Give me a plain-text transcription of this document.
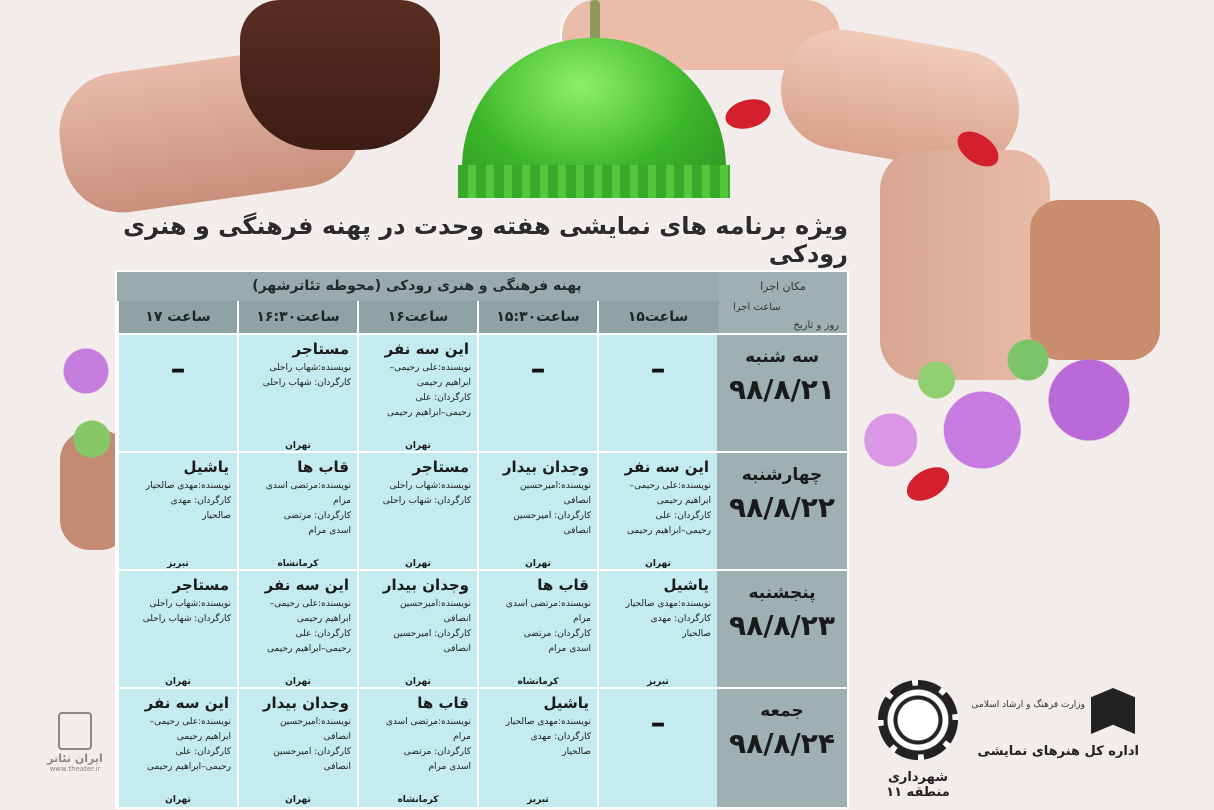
ویژه برنامه های نمایشی هفته وحدت در پهنه فرهنگی و هنری رودکی
پهنه فرهنگی و هنری رودکی (محوطه تئاترشهر)	مکان اجرا
ساعت اجرا
روز و تاریخ
ساعت۱۵
ساعت۱۵:۳۰
ساعت۱۶
ساعت۱۶:۳۰
ساعت ۱۷
سه شنبه
۹۸/۸/۲۱
–
–
این سه نفر
نویسنده:علی رحیمی–
ابراهیم رحیمی
کارگردان: علی
رحیمی–ابراهیم رحیمی
تهران
مستاجر
نویسنده:شهاب راحلی
کارگردان: شهاب راحلی
تهران
–
چهارشنبه
۹۸/۸/۲۲
این سه نفر
نویسنده:علی رحیمی–
ابراهیم رحیمی
کارگردان: علی
رحیمی–ابراهیم رحیمی
تهران
وجدان بیدار
نویسنده:امیرحسین
انصافی
کارگردان: امیرحسین
انصافی
تهران
مستاجر
نویسنده:شهاب راحلی
کارگردان: شهاب راحلی
تهران
قاب ها
نویسنده:مرتضی اسدی
مرام
کارگردان: مرتضی
اسدی مرام
کرمانشاه
یاشیل
نویسنده:مهدی صالحیار
کارگردان: مهدی
صالحیار
تبریز
پنجشنبه
۹۸/۸/۲۳
یاشیل
نویسنده:مهدی صالحیار
کارگردان: مهدی
صالحیار
تبریز
قاب ها
نویسنده:مرتضی اسدی
مرام
کارگردان: مرتضی
اسدی مرام
کرمانشاه
وجدان بیدار
نویسنده:امیرحسین
انصافی
کارگردان: امیرحسین
انصافی
تهران
این سه نفر
نویسنده:علی رحیمی–
ابراهیم رحیمی
کارگردان: علی
رحیمی–ابراهیم رحیمی
تهران
مستاجر
نویسنده:شهاب راحلی
کارگردان: شهاب راحلی
تهران
جمعه
۹۸/۸/۲۴
–
یاشیل
نویسنده:مهدی صالحیار
کارگردان: مهدی
صالحیار
تبریز
قاب ها
نویسنده:مرتضی اسدی
مرام
کارگردان: مرتضی
اسدی مرام
کرمانشاه
وجدان بیدار
نویسنده:امیرحسین
انصافی
کارگردان: امیرحسین
انصافی
تهران
این سه نفر
نویسنده:علی رحیمی–
ابراهیم رحیمی
کارگردان: علی
رحیمی–ابراهیم رحیمی
تهران
شهرداری منطقه ۱۱
وزارت فرهنگ و ارشاد اسلامی
اداره کل هنرهای نمایشی
ایران تئاتر
www.theater.ir
